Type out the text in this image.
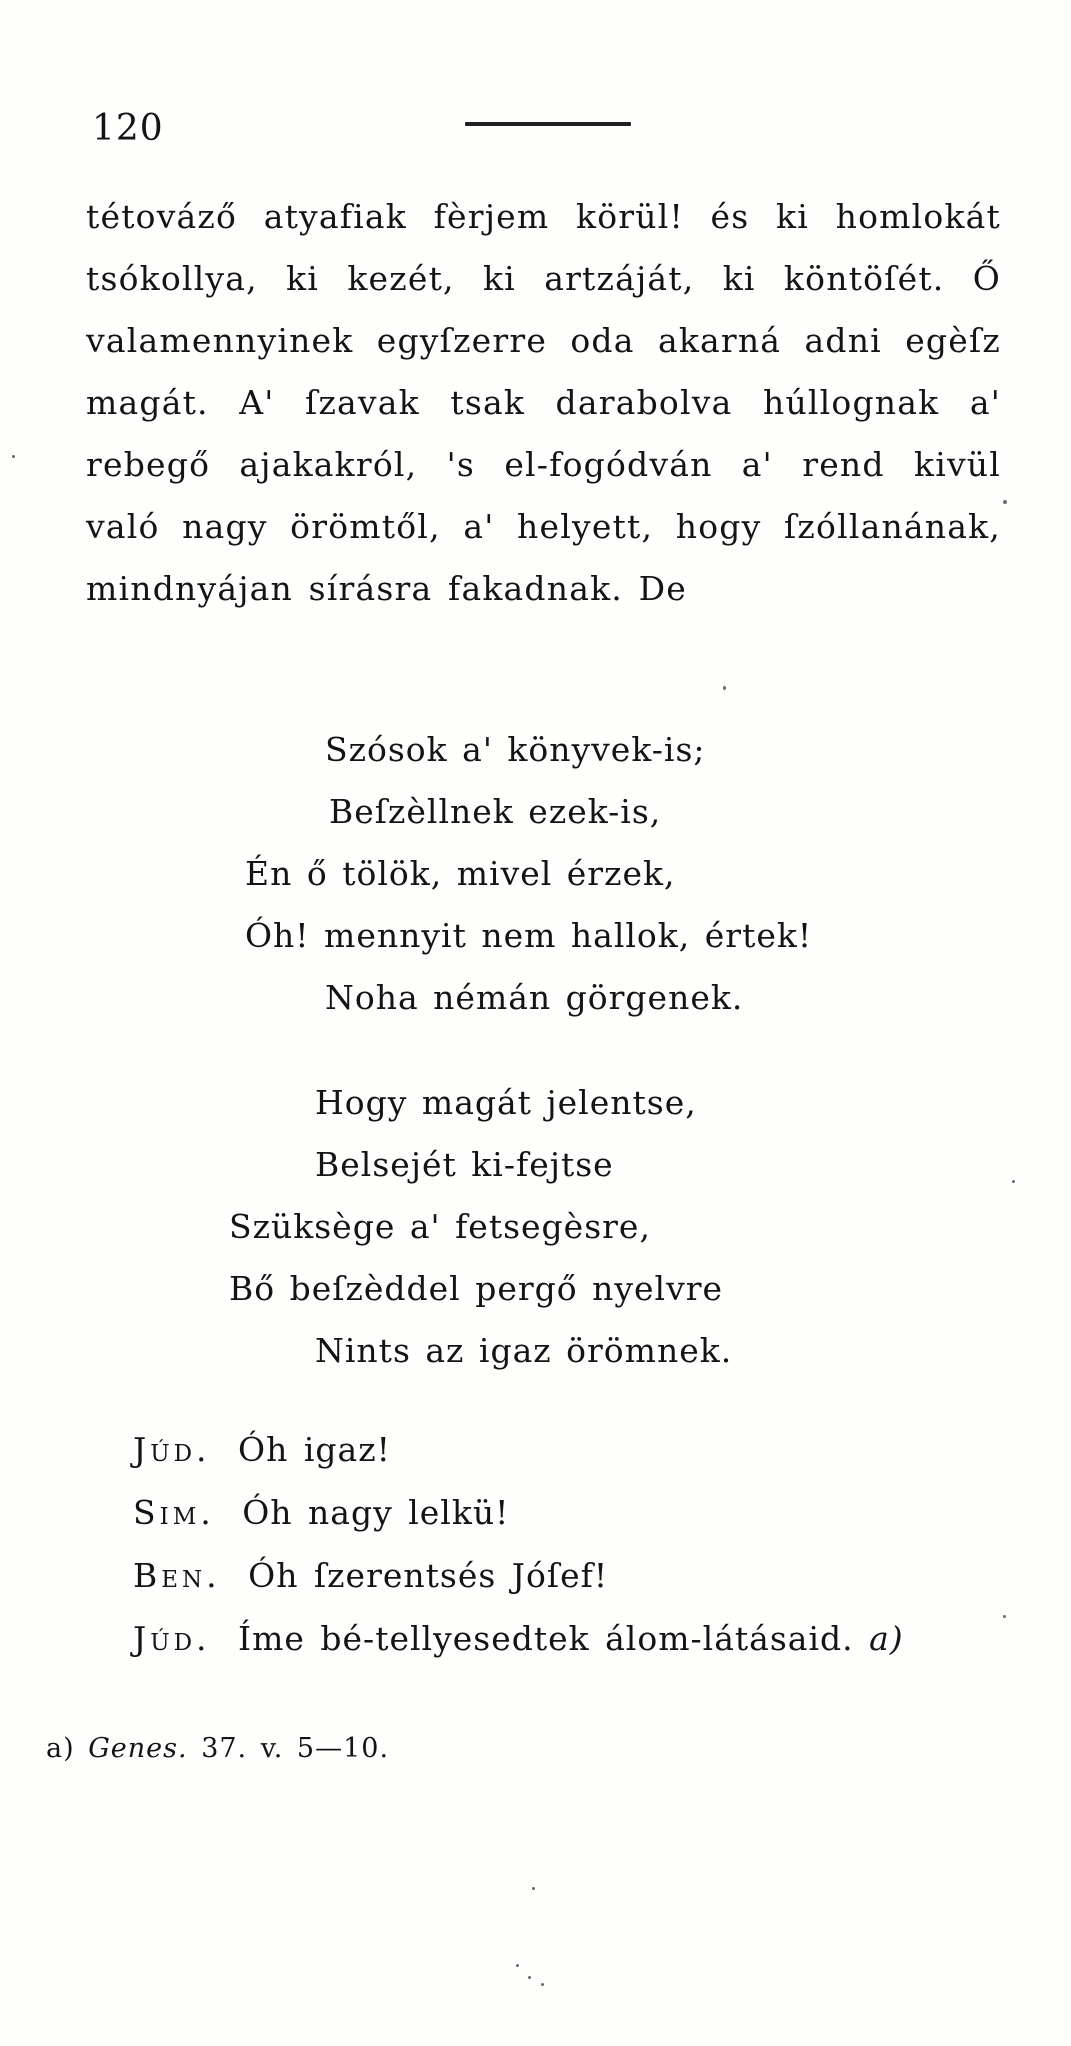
120

tétováző atyafiak fèrjem körül! és ki homlokát tsókollya, ki kezét, ki artzáját, ki köntöſét. Ő valamennyinek egyſzerre oda akarná adni egèſz magát. A' ſzavak tsak darabolva húllognak a' rebegő ajakakról, 's el-fogódván a' rend kivül való nagy örömtől, a' helyett, hogy ſzóllanának, mindnyájan sírásra fakadnak. De

Szósok a' könyvek-is;
Beſzèllnek ezek-is,
Én ő tölök, mivel érzek,
Óh! mennyit nem hallok, értek!
Noha némán görgenek.
Hogy magát jelentse,
Belsejét ki-fejtse
Szüksège a' fetsegèsre,
Bő beſzèddel pergő nyelvre
Nints az igaz örömnek.
Júd. Óh igaz!
Sim. Óh nagy lelkü!
Ben. Óh ſzerentsés Jóſef!
Júd. Íme bé-tellyesedtek álom-látásaid. a)
a) Genes. 37. v. 5—10.
